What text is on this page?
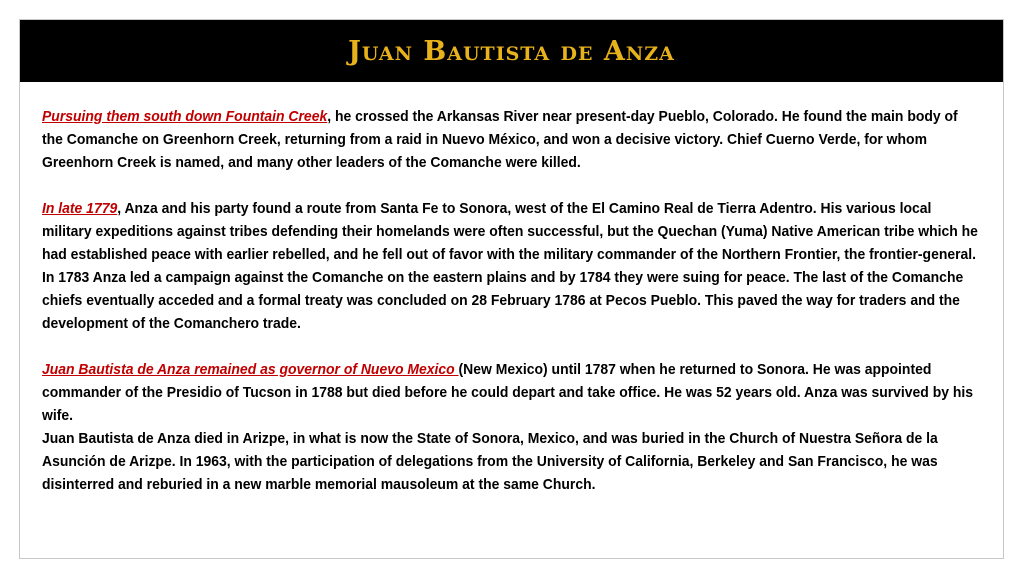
Juan Bautista de Anza

Pursuing them south down Fountain Creek, he crossed the Arkansas River near present-day Pueblo, Colorado. He found the main body of the Comanche on Greenhorn Creek, returning from a raid in Nuevo México, and won a decisive victory. Chief Cuerno Verde, for whom Greenhorn Creek is named, and many other leaders of the Comanche were killed.

In late 1779, Anza and his party found a route from Santa Fe to Sonora, west of the El Camino Real de Tierra Adentro. His various local military expeditions against tribes defending their homelands were often successful, but the Quechan (Yuma) Native American tribe which he had established peace with earlier rebelled, and he fell out of favor with the military commander of the Northern Frontier, the frontier-general. In 1783 Anza led a campaign against the Comanche on the eastern plains and by 1784 they were suing for peace. The last of the Comanche chiefs eventually acceded and a formal treaty was concluded on 28 February 1786 at Pecos Pueblo. This paved the way for traders and the development of the Comanchero trade.

Juan Bautista de Anza remained as governor of Nuevo Mexico (New Mexico) until 1787 when he returned to Sonora. He was appointed commander of the Presidio of Tucson in 1788 but died before he could depart and take office. He was 52 years old. Anza was survived by his wife.

Juan Bautista de Anza died in Arizpe, in what is now the State of Sonora, Mexico, and was buried in the Church of Nuestra Señora de la Asunción de Arizpe. In 1963, with the participation of delegations from the University of California, Berkeley and San Francisco, he was disinterred and reburied in a new marble memorial mausoleum at the same Church.
